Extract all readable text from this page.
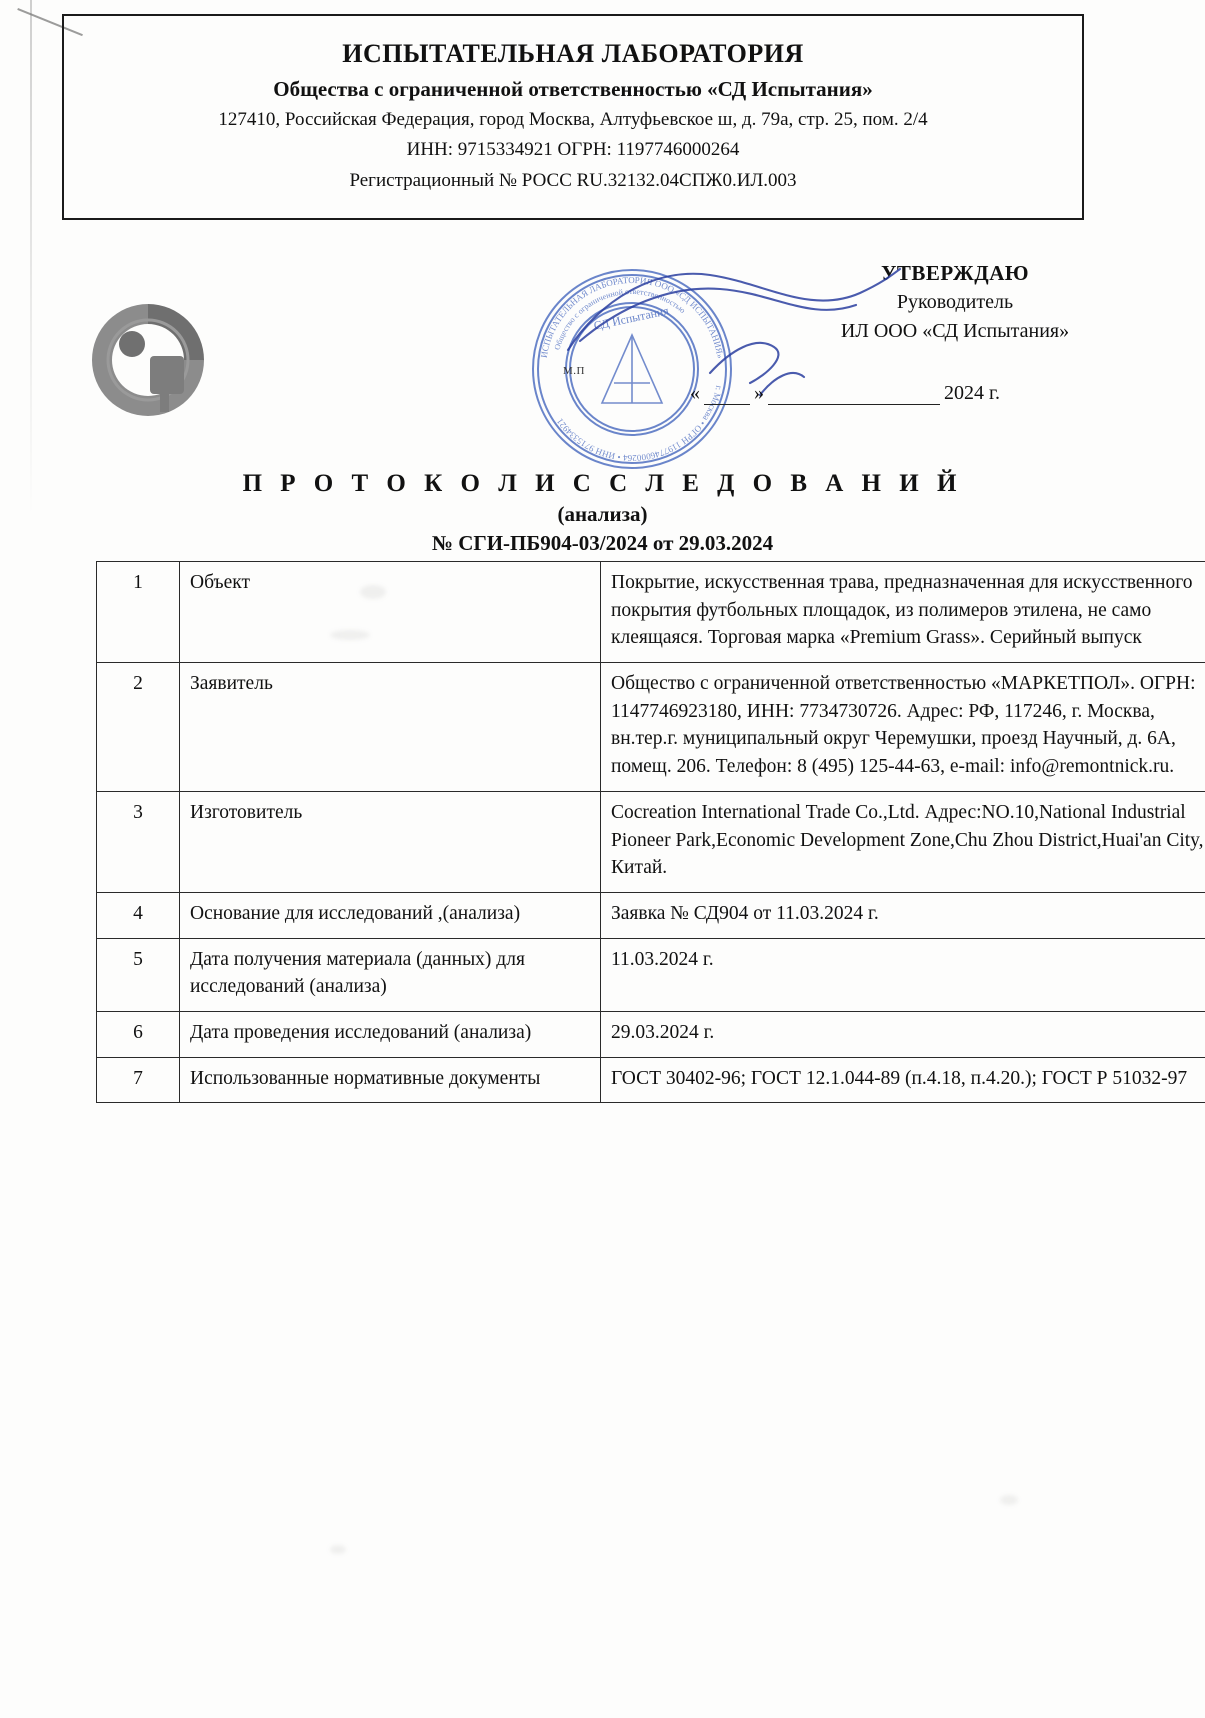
ИСПЫТАТЕЛЬНАЯ ЛАБОРАТОРИЯ
Общества с ограниченной ответственностью «СД Испытания»
127410, Российская Федерация, город Москва, Алтуфьевское ш, д. 79а, стр. 25, пом. 2/4
ИНН: 9715334921 ОГРН: 1197746000264
Регистрационный № РОСС RU.32132.04СПЖ0.ИЛ.003
УТВЕРЖДАЮ
Руководитель
ИЛ ООО «СД Испытания»
ИСПЫТАТЕЛЬНАЯ ЛАБОРАТОРИЯ ООО «СД ИСПЫТАНИЯ»
г. Москва • ОГРН 1197746000264 • ИНН 9715334921
Общество с ограниченной ответственностью
СД Испытания
М.П
«	»	2024 г.
П Р О Т О К О Л И С С Л Е Д О В А Н И Й
(анализа)
№ СГИ-ПБ904-03/2024 от 29.03.2024
1	Объект	Покрытие, искусственная трава, предназначенная для искусственного покрытия футбольных площадок, из полимеров этилена, не само клеящаяся. Торговая марка «Premium Grass». Серийный выпуск
2	Заявитель	Общество с ограниченной ответственностью «МАРКЕТПОЛ». ОГРН: 1147746923180, ИНН: 7734730726. Адрес: РФ, 117246, г. Москва, вн.тер.г. муниципальный округ Черемушки, проезд Научный, д. 6А, помещ. 206. Телефон: 8 (495) 125-44-63, e-mail: info@remontnick.ru.
3	Изготовитель	Cocreation International Trade Co.,Ltd. Адрес:NO.10,National Industrial Pioneer Park,Economic Development Zone,Chu Zhou District,Huai'an City, Китай.
4	Основание для исследований ,(анализа)	Заявка № СД904 от 11.03.2024 г.
5	Дата получения материала (данных) для исследований (анализа)	11.03.2024 г.
6	Дата проведения исследований (анализа)	29.03.2024 г.
7	Использованные нормативные документы	ГОСТ 30402-96; ГОСТ 12.1.044-89 (п.4.18, п.4.20.); ГОСТ Р 51032-97
